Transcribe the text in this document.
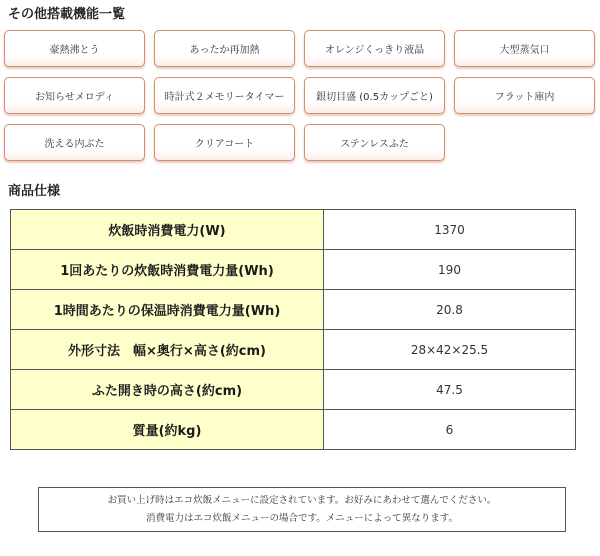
その他搭載機能一覧
豪熱沸とう	あったか再加熱	オレンジくっきり液晶	大型蒸気口
お知らせメロディ	時計式２メモリータイマー	銀切目盛 (0.5カップごと)	フラット庫内
洗える内ぶた	クリアコート	ステンレスふた
商品仕様
炊飯時消費電力(W)	1370
1回あたりの炊飯時消費電力量(Wh)	190
1時間あたりの保温時消費電力量(Wh)	20.8
外形寸法　幅×奥行×高さ(約cm)	28×42×25.5
ふた開き時の高さ(約cm)	47.5
質量(約kg)	6
お買い上げ時はエコ炊飯メニューに設定されています。お好みにあわせて選んでください。
消費電力はエコ炊飯メニューの場合です。メニューによって異なります。
